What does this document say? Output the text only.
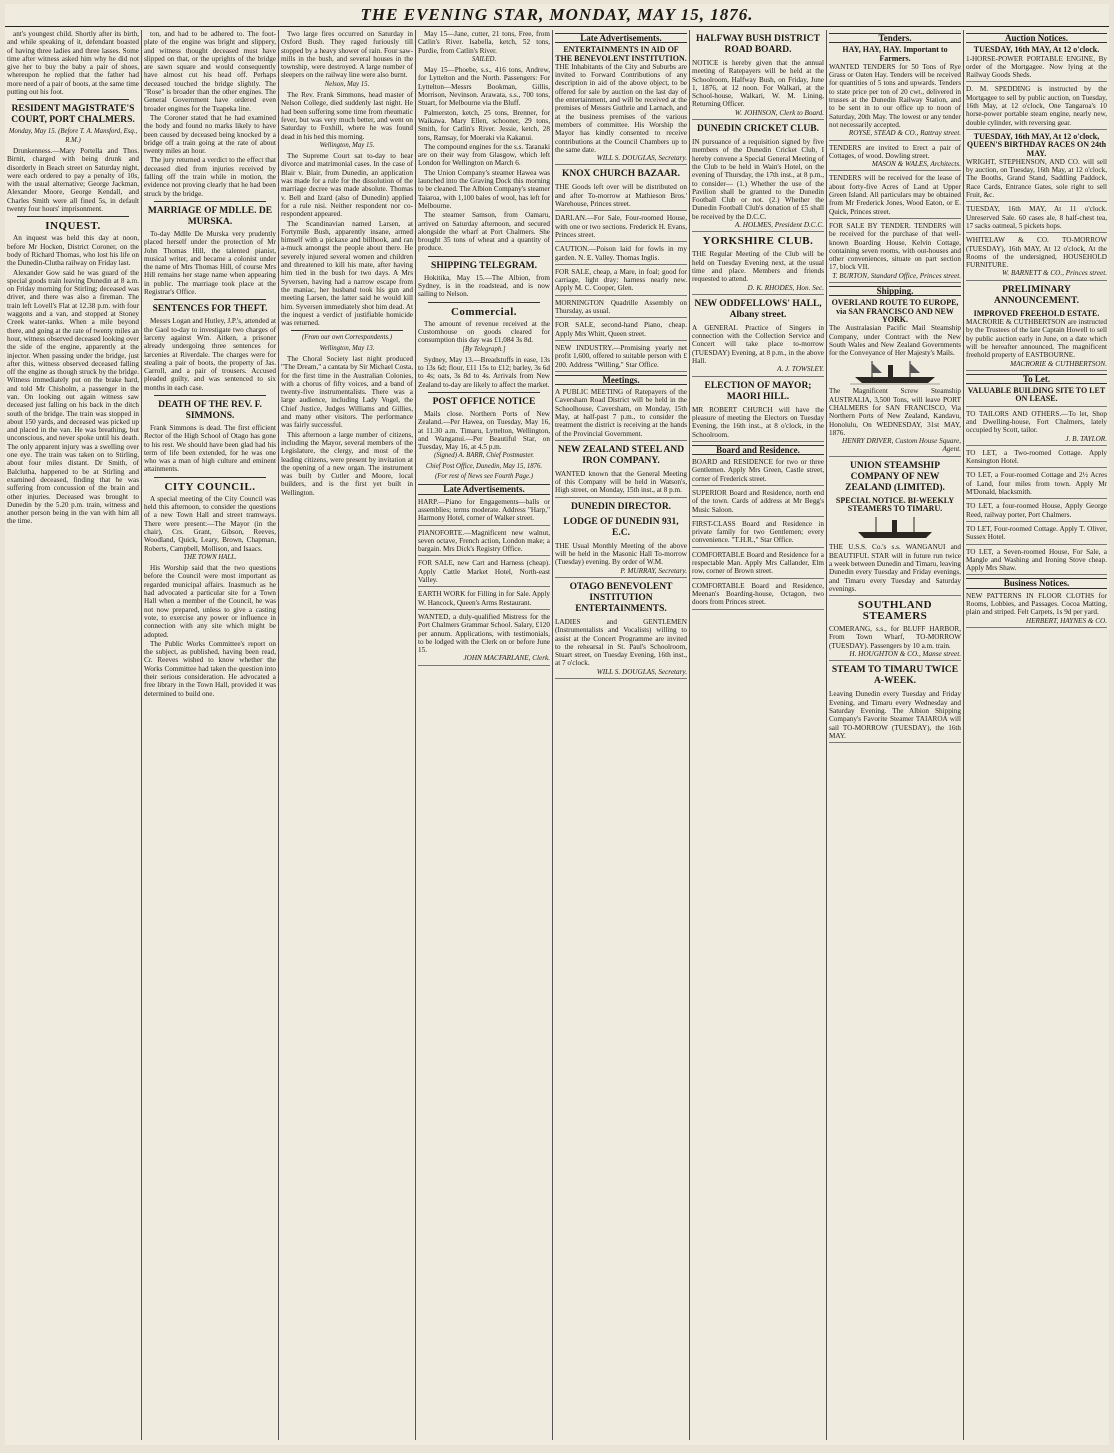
THE EVENING STAR, MONDAY, MAY 15, 1876.

ant's youngest child. Shortly after its birth, and while speaking of it, defendant boasted of having three ladies and three lasses. Some time after witness asked him why he did not give her to buy the baby a pair of shoes, whereupon he replied that the father had more need of a pair of boots, at the same time putting out his foot.

RESIDENT MAGISTRATE'S COURT, PORT CHALMERS.
Monday, May 15. (Before T. A. Mansford, Esq., R.M.)

Drunkenness.—Mary Portella and Thos. Birnit, charged with being drunk and disorderly in Beach street on Saturday night, were each ordered to pay a penalty of 10s, with the usual alternative; George Jackman, Alexander Moore, George Kendall, and Charles Smith were all fined 5s, in default twenty four hours' imprisonment.

INQUEST.

An inquest was held this day at noon, before Mr Hocken, District Coroner, on the body of Richard Thomas, who lost his life on the Dunedin-Clutha railway on Friday last.

Alexander Gow said he was guard of the special goods train leaving Dunedin at 8 a.m. on Friday morning for Stirling; deceased was driver, and there was also a fireman. The train left Lovell's Flat at 12.38 p.m. with four waggons and a van, and stopped at Stoney Creek water-tanks. When a mile beyond there, and going at the rate of twenty miles an hour, witness observed deceased looking over the side of the engine, apparently at the injector. When passing under the bridge, just after this, witness observed deceased falling off the engine as though struck by the bridge. Witness immediately put on the brake hard, and told Mr Chisholm, a passenger in the van. On looking out again witness saw deceased just falling on his back in the ditch south of the bridge. The train was stopped in about 150 yards, and deceased was picked up and placed in the van. He was breathing, but unconscious, and never spoke until his death. The only apparent injury was a swelling over one eye. The train was taken on to Stirling, about four miles distant. Dr Smith, of Balclutha, happened to be at Stirling and examined deceased, finding that he was suffering from concussion of the brain and other injuries. Deceased was brought to Dunedin by the 5.20 p.m. train, witness and another person being in the van with him all the time.

ton, and had to be adhered to. The foot-plate of the engine was bright and slippery, and witness thought deceased must have slipped on that, or the uprights of the bridge are sawn square and would consequently have almost cut his head off. Perhaps deceased touched the bridge slightly. The "Rose" is broader than the other engines. The General Government have ordered even broader engines for the Tuapeka line.

The Coroner stated that he had examined the body and found no marks likely to have been caused by deceased being knocked by a bridge off a train going at the rate of about twenty miles an hour.

The jury returned a verdict to the effect that deceased died from injuries received by falling off the train while in motion, the evidence not proving clearly that he had been struck by the bridge.

MARRIAGE OF MDLLE. DE MURSKA.

To-day Mdlle De Murska very prudently placed herself under the protection of Mr John Thomas Hill, the talented pianist, musical writer, and became a colonist under the name of Mrs Thomas Hill, of course Mrs Hill remains her stage name when appearing in public. The marriage took place at the Registrar's Office.

SENTENCES FOR THEFT.

Messrs Logan and Hutley, J.P.'s, attended at the Gaol to-day to investigate two charges of larceny against Wm. Aitken, a prisoner already undergoing three sentences for larcenies at Riverdale. The charges were for stealing a pair of boots, the property of Jas. Carroll, and a pair of trousers. Accused pleaded guilty, and was sentenced to six months in each case.

DEATH OF THE REV. F. SIMMONS.

Frank Simmons is dead. The first efficient Rector of the High School of Otago has gone to his rest. We should have been glad had his term of life been extended, for he was one who was a man of high culture and eminent attainments.

CITY COUNCIL.

A special meeting of the City Council was held this afternoon, to consider the questions of a new Town Hall and street tramways. There were present:—The Mayor (in the chair), Crs. Grant, Gibson, Reeves, Woodland, Quick, Leary, Brown, Chapman, Roberts, Campbell, Mollison, and Isaacs.

THE TOWN HALL.

His Worship said that the two questions before the Council were most important as regarded municipal affairs. Inasmuch as he had advocated a particular site for a Town Hall when a member of the Council, he was not now prepared, unless to give a casting vote, to exercise any power or influence in connection with any site which might be adopted.

The Public Works Committee's report on the subject, as published, having been read, Cr. Reeves wished to know whether the Works Committee had taken the question into their serious consideration. He advocated a free library in the Town Hall, provided it was determined to build one.

Two large fires occurred on Saturday in Oxford Bush. They raged furiously till stopped by a heavy shower of rain. Four saw-mills in the bush, and several houses in the township, were destroyed. A large number of sleepers on the railway line were also burnt.

Nelson, May 15.

The Rev. Frank Simmons, head master of Nelson College, died suddenly last night. He had been suffering some time from rheumatic fever, but was very much better, and went on Saturday to Foxhill, where he was found dead in his bed this morning.

Wellington, May 15.

The Supreme Court sat to-day to hear divorce and matrimonial cases. In the case of Blair v. Blair, from Dunedin, an application was made for a rule for the dissolution of the marriage decree was made absolute. Thomas v. Bell and Izard (also of Dunedin) applied for a rule nisi. Neither respondent nor co-respondent appeared.

The Scandinavian named Larsen, at Fortymile Bush, apparently insane, armed himself with a pickaxe and billhook, and ran a-muck amongst the people about there. He severely injured several women and children and threatened to kill his mate, after having him tied in the bush for two days. A Mrs Syversen, having had a narrow escape from the maniac, her husband took his gun and meeting Larsen, the latter said he would kill him. Syversen immediately shot him dead. At the inquest a verdict of justifiable homicide was returned.

(From our own Correspondents.)
Wellington, May 13.

The Choral Society last night produced "The Dream," a cantata by Sir Michael Costa, for the first time in the Australian Colonies, with a chorus of fifty voices, and a band of twenty-five instrumentalists. There was a large audience, including Lady Vogel, the Chief Justice, Judges Williams and Gillies, and many other visitors. The performance was fairly successful.

This afternoon a large number of citizens, including the Mayor, several members of the Legislature, the clergy, and most of the leading citizens, were present by invitation at the opening of a new organ. The instrument was built by Cutler and Moore, local builders, and is the first yet built in Wellington.

May 15—Jane, cutter, 21 tons, Free, from Catlin's River. Isabella, ketch, 52 tons, Purdie, from Catlin's River.

SAILED.

May 15—Phoebe, s.s., 416 tons, Andrew, for Lyttelton and the North. Passengers: For Lyttelton—Messrs Bookman, Gillis, Morrison, Nevinson. Arawata, s.s., 700 tons, Stuart, for Melbourne via the Bluff.

Palmerston, ketch, 25 tons, Brenner, for Waikawa. Mary Ellen, schooner, 29 tons, Smith, for Catlin's River. Jessie, ketch, 28 tons, Ramsay, for Moeraki via Kakanui.

The compound engines for the s.s. Taranaki are on their way from Glasgow, which left London for Wellington on March 6.

The Union Company's steamer Hawea was launched into the Graving Dock this morning to be cleaned. The Albion Company's steamer Taiaroa, with 1,100 bales of wool, has left for Melbourne.

The steamer Samson, from Oamaru, arrived on Saturday afternoon, and secured alongside the wharf at Port Chalmers. She brought 35 tons of wheat and a quantity of produce.

SHIPPING TELEGRAM.

Hokitika, May 15.—The Albion, from Sydney, is in the roadstead, and is now sailing to Nelson.

Commercial.

The amount of revenue received at the Customhouse on goods cleared for consumption this day was £1,084 3s 8d.

[By Telegraph.]

Sydney, May 13.—Breadstuffs in ease, 13s to 13s 6d; flour, £11 15s to £12; barley, 3s 6d to 4s; oats, 3s 8d to 4s. Arrivals from New Zealand to-day are likely to affect the market.

POST OFFICE NOTICE

Mails close. Northern Ports of New Zealand.—Per Hawea, on Tuesday, May 16, at 11.30 a.m. Timaru, Lyttelton, Wellington, and Wanganui.—Per Beautiful Star, on Tuesday, May 16, at 4.5 p.m.

(Signed) A. BARR, Chief Postmaster.
Chief Post Office, Dunedin, May 15, 1876.
(For rest of News see Fourth Page.)
Late Advertisements.
HARP.—Piano for Engagements—balls or assemblies; terms moderate. Address "Harp," Harmony Hotel, corner of Walker street.
PIANOFORTE.—Magnificent new walnut, seven octave, French action, London make; a bargain. Mrs Dick's Registry Office.
FOR SALE, new Cart and Harness (cheap). Apply Cattle Market Hotel, North-east Valley.
EARTH WORK for Filling in for Sale. Apply W. Hancock, Queen's Arms Restaurant.
WANTED, a duly-qualified Mistress for the Port Chalmers Grammar School. Salary, £120 per annum. Applications, with testimonials, to be lodged with the Clerk on or before June 15.
JOHN MACFARLANE, Clerk.
Late Advertisements.
ENTERTAINMENTS IN AID OF THE BENEVOLENT INSTITUTION.
THE Inhabitants of the City and Suburbs are invited to Forward Contributions of any description in aid of the above object, to be offered for sale by auction on the last day of the entertainment, and will be received at the premises of Messrs Guthrie and Larnach, and at the business premises of the various members of committee. His Worship the Mayor has kindly consented to receive contributions at the Council Chambers up to the same date.
WILL S. DOUGLAS, Secretary.
KNOX CHURCH BAZAAR.
THE Goods left over will be distributed on and after To-morrow at Mathieson Bros.' Warehouse, Princes street.
DARLAN.—For Sale, Four-roomed House, with one or two sections. Frederick H. Evans, Princes street.
CAUTION.—Poison laid for fowls in my garden. N. E. Valley. Thomas Inglis.
FOR SALE, cheap, a Mare, in foal; good for carriage, light dray; harness nearly new. Apply M. C. Cooper, Glen.
MORNINGTON Quadrille Assembly on Thursday, as usual.
FOR SALE, second-hand Piano, cheap. Apply Mrs Whitt, Queen street.
NEW INDUSTRY.—Promising yearly net profit 1,600, offered to suitable person with £ 200. Address "Willing," Star Office.
Meetings.
A PUBLIC MEETING of Ratepayers of the Caversham Road District will be held in the Schoolhouse, Caversham, on Monday, 15th May, at half-past 7 p.m., to consider the treatment the district is receiving at the hands of the Provincial Government.
NEW ZEALAND STEEL AND IRON COMPANY.
WANTED known that the General Meeting of this Company will be held in Watson's, High street, on Monday, 15th inst., at 8 p.m.
DUNEDIN DIRECTOR.
LODGE OF DUNEDIN 931, E.C.
THE Usual Monthly Meeting of the above will be held in the Masonic Hall To-morrow (Tuesday) evening. By order of W.M.
P. MURRAY, Secretary.
OTAGO BENEVOLENT INSTITUTION ENTERTAINMENTS.
LADIES and GENTLEMEN (Instrumentalists and Vocalists) willing to assist at the Concert Programme are invited to the rehearsal in St. Paul's Schoolroom, Stuart street, on Tuesday Evening, 16th inst., at 7 o'clock.
WILL S. DOUGLAS, Secretary.
HALFWAY BUSH DISTRICT ROAD BOARD.
NOTICE is hereby given that the annual meeting of Ratepayers will be held at the Schoolroom, Halfway Bush, on Friday, June 1, 1876, at 12 noon. For Walkari, at the School-house, Walkari, W. M. Lining, Returning Officer.
W. JOHNSON, Clerk to Board.
DUNEDIN CRICKET CLUB.
IN pursuance of a requisition signed by five members of the Dunedin Cricket Club, I hereby convene a Special General Meeting of the Club to be held in Wain's Hotel, on the evening of Thursday, the 17th inst., at 8 p.m., to consider— (1.) Whether the use of the Pavilion shall be granted to the Dunedin Football Club or not. (2.) Whether the Dunedin Football Club's donation of £5 shall be received by the D.C.C.
A. HOLMES, President D.C.C.
YORKSHIRE CLUB.
THE Regular Meeting of the Club will be held on Tuesday Evening next, at the usual time and place. Members and friends requested to attend.
D. K. RHODES, Hon. Sec.
NEW ODDFELLOWS' HALL, Albany street.
A GENERAL Practice of Singers in connection with the Collection Service and Concert will take place to-morrow (TUESDAY) Evening, at 8 p.m., in the above Hall.
A. J. TOWSLEY.
ELECTION OF MAYOR; MAORI HILL.
MR ROBERT CHURCH will have the pleasure of meeting the Electors on Tuesday Evening, the 16th inst., at 8 o'clock, in the Schoolroom.
Board and Residence.
BOARD and RESIDENCE for two or three Gentlemen. Apply Mrs Green, Castle street, corner of Frederick street.
SUPERIOR Board and Residence, north end of the town. Cards of address at Mr Begg's Music Saloon.
FIRST-CLASS Board and Residence in private family for two Gentlemen; every convenience. "T.H.R.," Star Office.
COMFORTABLE Board and Residence for a respectable Man. Apply Mrs Callander, Elm row, corner of Brown street.
COMFORTABLE Board and Residence, Meenan's Boarding-house, Octagon, two doors from Princes street.
Tenders.
HAY, HAY, HAY. Important to Farmers.
WANTED TENDERS for 50 Tons of Rye Grass or Oaten Hay. Tenders will be received for quantities of 5 tons and upwards. Tenders to state price per ton of 20 cwt., delivered in trusses at the Dunedin Railway Station, and to be sent in to our office up to noon of Saturday, 20th May. The lowest or any tender not necessarily accepted.
ROYSE, STEAD & CO., Rattray street.
TENDERS are invited to Erect a pair of Cottages, of wood. Dowling street.
MASON & WALES, Architects.
TENDERS will be received for the lease of about forty-five Acres of Land at Upper Green Island. All particulars may be obtained from Mr Frederick Jones, Wood Eaton, or E. Quick, Princes street.
FOR SALE BY TENDER. TENDERS will be received for the purchase of that well-known Boarding House, Kelvin Cottage, containing seven rooms, with out-houses and other conveniences, situate on part section 17, block VII.
T. BURTON, Standard Office, Princes street.
Shipping.
OVERLAND ROUTE TO EUROPE, via SAN FRANCISCO AND NEW YORK.
The Australasian Pacific Mail Steamship Company, under Contract with the New South Wales and New Zealand Governments for the Conveyance of Her Majesty's Mails.
The Magnificent Screw Steamship AUSTRALIA, 3,500 Tons, will leave PORT CHALMERS for SAN FRANCISCO, Via Northern Ports of New Zealand, Kandavu, Honolulu, On WEDNESDAY, 31st MAY, 1876.
HENRY DRIVER, Custom House Square, Agent.
UNION STEAMSHIP COMPANY OF NEW ZEALAND (LIMITED).
SPECIAL NOTICE. BI-WEEKLY STEAMERS TO TIMARU.
THE U.S.S. Co.'s s.s. WANGANUI and BEAUTIFUL STAR will in future run twice a week between Dunedin and Timaru, leaving Dunedin every Tuesday and Friday evenings, and Timaru every Tuesday and Saturday evenings.
SOUTHLAND STEAMERS
COMERANG, s.s., for BLUFF HARBOR, From Town Wharf, TO-MORROW (TUESDAY). Passengers by 10 a.m. train.
H. HOUGHTON & CO., Manse street.
STEAM TO TIMARU TWICE A-WEEK.
Leaving Dunedin every Tuesday and Friday Evening, and Timaru every Wednesday and Saturday Evening. The Albion Shipping Company's Favorite Steamer TAIAROA will sail TO-MORROW (TUESDAY), the 16th MAY.
Auction Notices.
TUESDAY, 16th MAY, At 12 o'clock.
1-HORSE-POWER PORTABLE ENGINE, By order of the Mortgagee. Now lying at the Railway Goods Sheds.
D. M. SPEDDING is instructed by the Mortgagee to sell by public auction, on Tuesday, 16th May, at 12 o'clock, One Tangaroa's 10 horse-power portable steam engine, nearly new, double cylinder, with reversing gear.
TUESDAY, 16th MAY, At 12 o'clock, QUEEN'S BIRTHDAY RACES ON 24th MAY.
WRIGHT, STEPHENSON, AND CO. will sell by auction, on Tuesday, 16th May, at 12 o'clock, The Booths, Grand Stand, Saddling Paddock, Race Cards, Entrance Gates, sole right to sell Fruit, &c.
TUESDAY, 16th MAY, At 11 o'clock. Unreserved Sale. 60 cases ale, 8 half-chest tea, 17 sacks oatmeal, 5 pickets hops.
WHITELAW & CO. TO-MORROW (TUESDAY), 16th MAY, At 12 o'clock, At the Rooms of the undersigned, HOUSEHOLD FURNITURE.
W. BARNETT & CO., Princes street.
PRELIMINARY ANNOUNCEMENT.
IMPROVED FREEHOLD ESTATE.
MACRORIE & CUTHBERTSON are instructed by the Trustees of the late Captain Howell to sell by public auction early in June, on a date which will be hereafter announced, The magnificent freehold property of EASTBOURNE.
MACRORIE & CUTHBERTSON.
To Let.
VALUABLE BUILDING SITE TO LET ON LEASE.
TO TAILORS AND OTHERS.—To let, Shop and Dwelling-house, Fort Chalmers, lately occupied by Scott, tailor.
J. B. TAYLOR.
TO LET, a Two-roomed Cottage. Apply Kensington Hotel.
TO LET, a Four-roomed Cottage and 2½ Acres of Land, four miles from town. Apply Mr M'Donald, blacksmith.
TO LET, a four-roomed House, Apply George Reed, railway porter, Port Chalmers.
TO LET, Four-roomed Cottage. Apply T. Oliver, Sussex Hotel.
TO LET, a Seven-roomed House, For Sale, a Mangle and Washing and Ironing Stove cheap. Apply Mrs Shaw.
Business Notices.
NEW PATTERNS IN FLOOR CLOTHS for Rooms, Lobbies, and Passages. Cocoa Matting, plain and striped. Felt Carpets, 1s 9d per yard.
HERBERT, HAYNES & CO.
